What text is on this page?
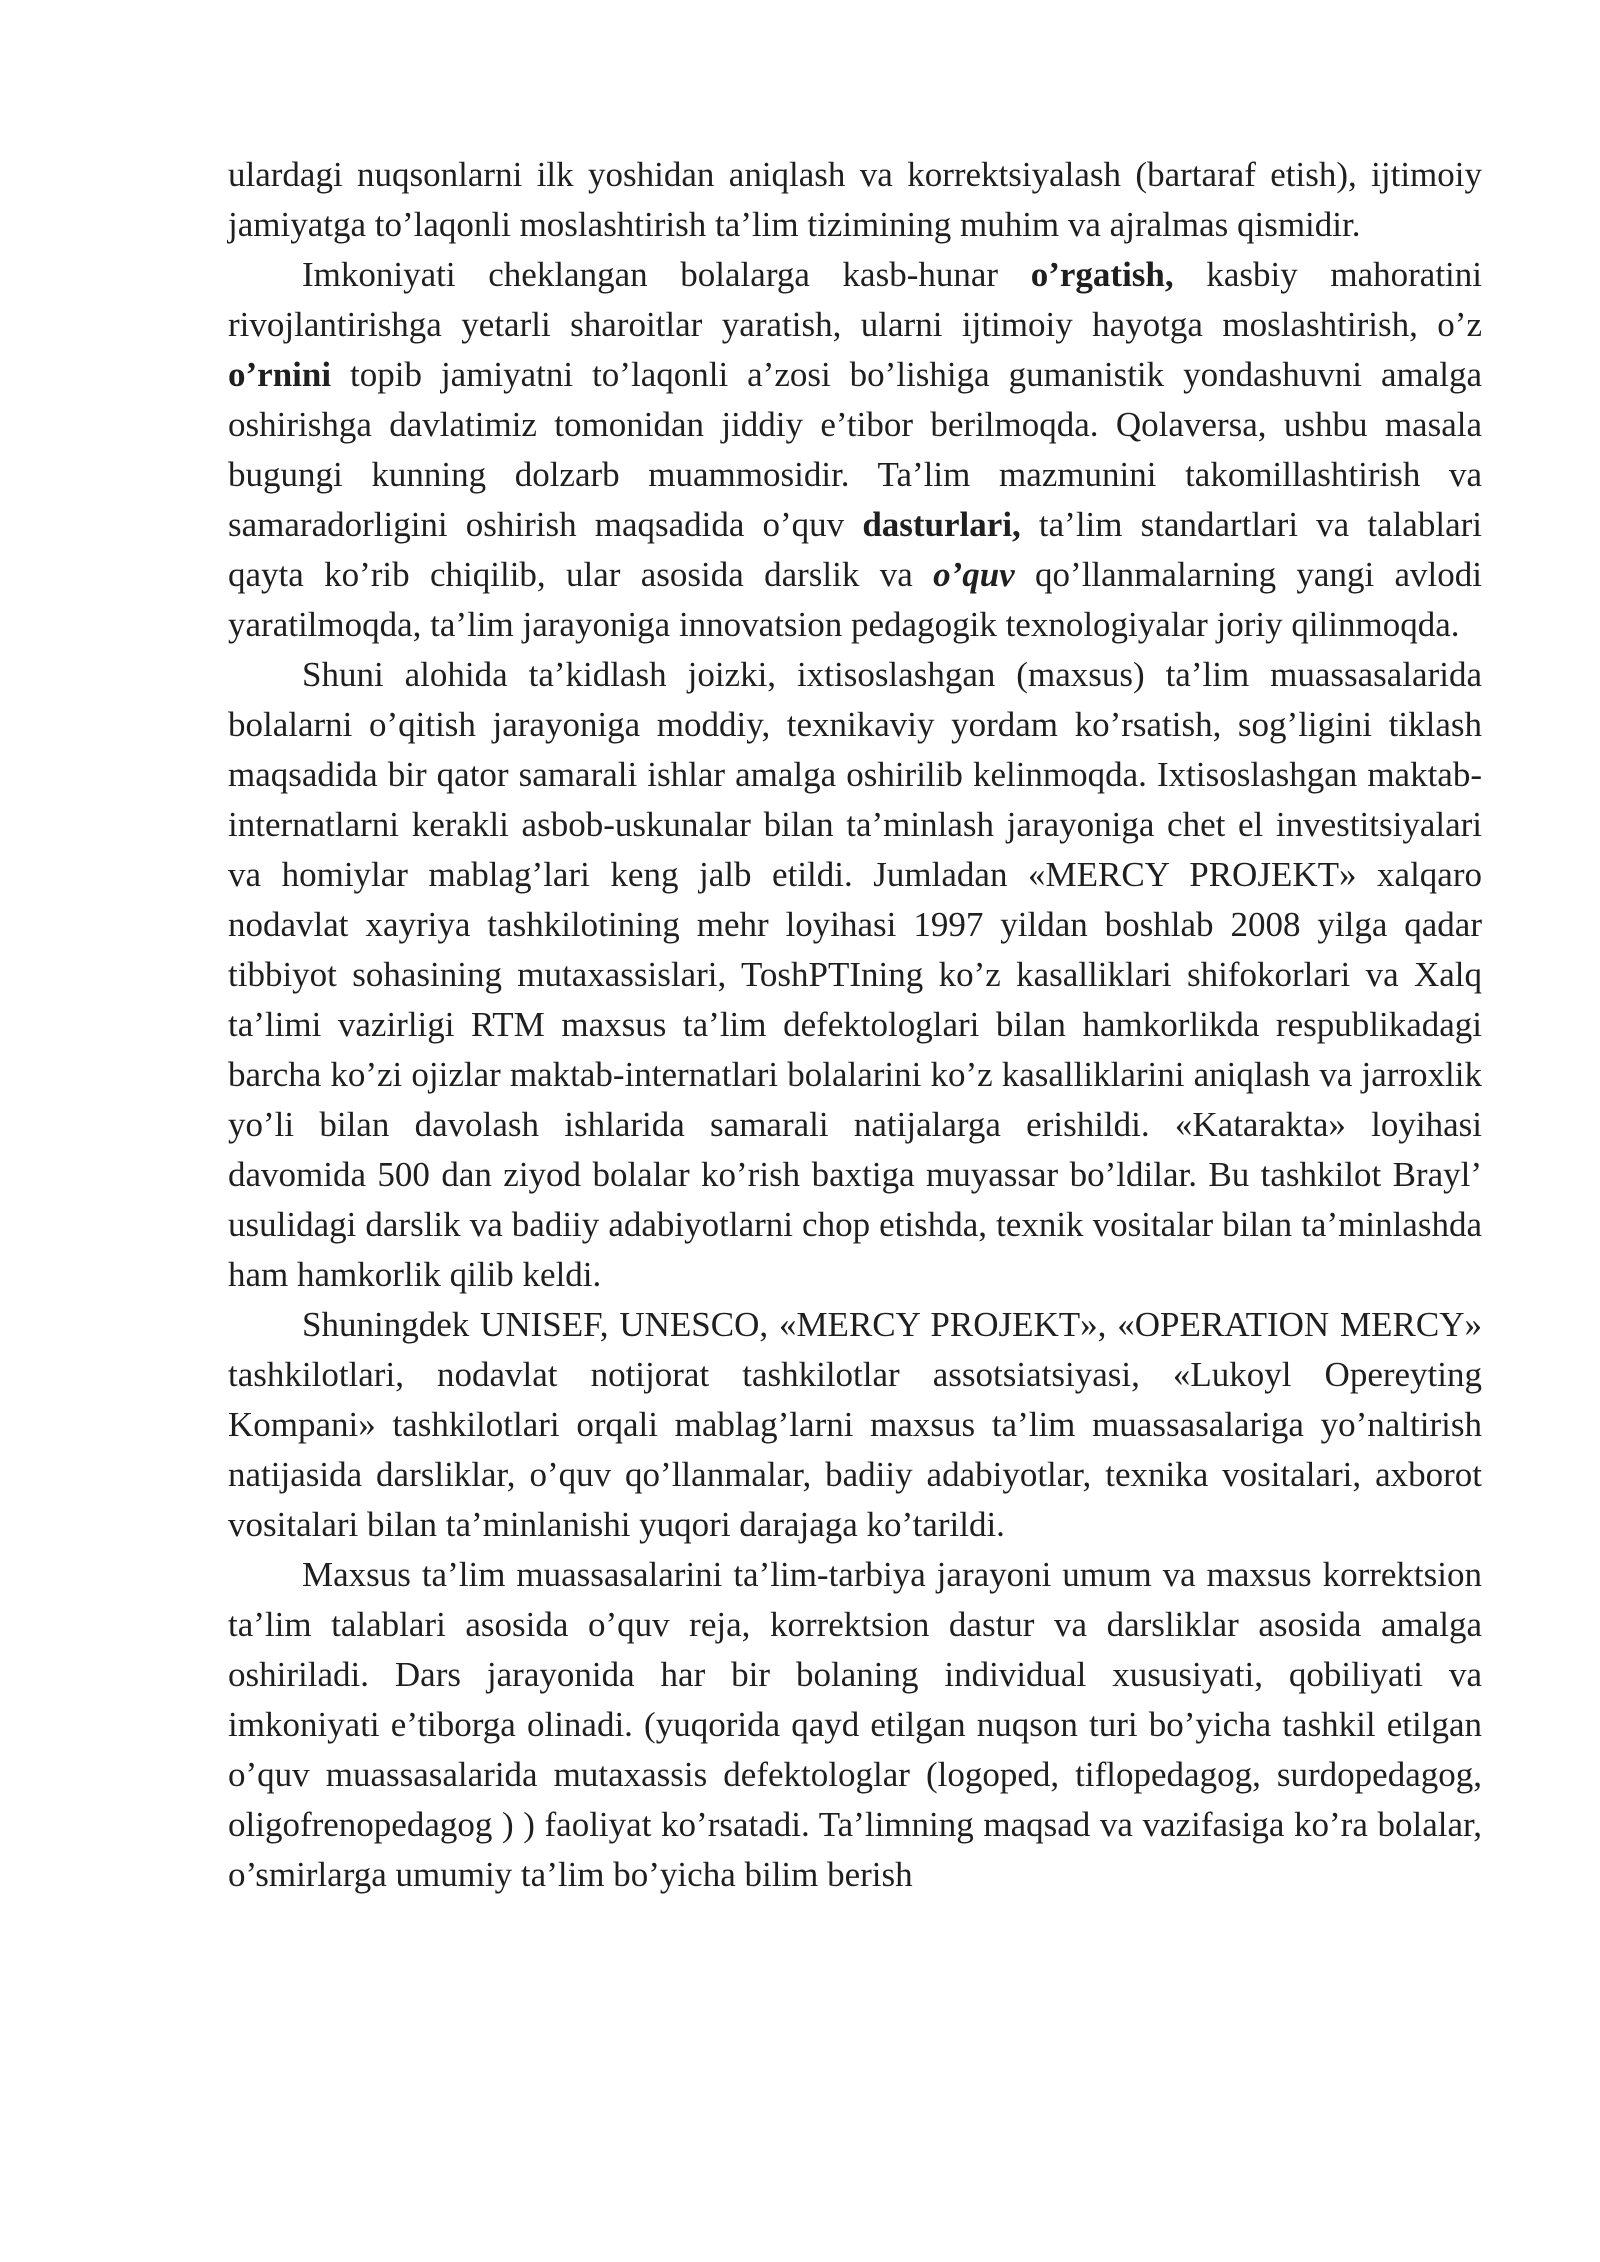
ulardagi nuqsonlarni ilk yoshidan aniqlash va korrektsiyalash (bartaraf etish), ijtimoiy jamiyatga to’laqonli moslashtirish ta’lim tizimining muhim va ajralmas qismidir.

Imkoniyati cheklangan bolalarga kasb-hunar o’rgatish, kasbiy mahoratini rivojlantirishga yetarli sharoitlar yaratish, ularni ijtimoiy hayotga moslashtirish, o’z o’rnini topib jamiyatni to’laqonli a’zosi bo’lishiga gumanistik yondashuvni amalga oshirishga davlatimiz tomonidan jiddiy e’tibor berilmoqda. Qolaversa, ushbu masala bugungi kunning dolzarb muammosidir. Ta’lim mazmunini takomillashtirish va samaradorligini oshirish maqsadida o’quv dasturlari, ta’lim standartlari va talablari qayta ko’rib chiqilib, ular asosida darslik va o’quv qo’llanmalarning yangi avlodi yaratilmoqda, ta’lim jarayoniga innovatsion pedagogik texnologiyalar joriy qilinmoqda.

Shuni alohida ta’kidlash joizki, ixtisoslashgan (maxsus) ta’lim muassasalarida bolalarni o’qitish jarayoniga moddiy, texnikaviy yordam ko’rsatish, sog’ligini tiklash maqsadida bir qator samarali ishlar amalga oshirilib kelinmoqda. Ixtisoslashgan maktab-internatlarni kerakli asbob-uskunalar bilan ta’minlash jarayoniga chet el investitsiyalari va homiylar mablag’lari keng jalb etildi. Jumladan «MERCY PROJEKT» xalqaro nodavlat xayriya tashkilotining mehr loyihasi 1997 yildan boshlab 2008 yilga qadar tibbiyot sohasining mutaxassislari, ToshPTIning ko’z kasalliklari shifokorlari va Xalq ta’limi vazirligi RTM maxsus ta’lim defektologlari bilan hamkorlikda respublikadagi barcha ko’zi ojizlar maktab-internatlari bolalarini ko’z kasalliklarini aniqlash va jarroxlik yo’li bilan davolash ishlarida samarali natijalarga erishildi. «Katarakta» loyihasi davomida 500 dan ziyod bolalar ko’rish baxtiga muyassar bo’ldilar. Bu tashkilot Brayl’ usulidagi darslik va badiiy adabiyotlarni chop etishda, texnik vositalar bilan ta’minlashda ham hamkorlik qilib keldi.

Shuningdek UNISEF, UNESCO, «MERCY PROJEKT», «OPERATION MERCY» tashkilotlari, nodavlat notijorat tashkilotlar assotsiatsiyasi, «Lukoyl Opereyting Kompani» tashkilotlari orqali mablag’larni maxsus ta’lim muassasalariga yo’naltirish natijasida darsliklar, o’quv qo’llanmalar, badiiy adabiyotlar, texnika vositalari, axborot vositalari bilan ta’minlanishi yuqori darajaga ko’tarildi.

Maxsus ta’lim muassasalarini ta’lim-tarbiya jarayoni umum va maxsus korrektsion ta’lim talablari asosida o’quv reja, korrektsion dastur va darsliklar asosida amalga oshiriladi. Dars jarayonida har bir bolaning individual xususiyati, qobiliyati va imkoniyati e’tiborga olinadi. (yuqorida qayd etilgan nuqson turi bo’yicha tashkil etilgan o’quv muassasalarida mutaxassis defektologlar (logoped, tiflopedagog, surdopedagog, oligofrenopedagog ) ) faoliyat ko’rsatadi. Ta’limning maqsad va vazifasiga ko’ra bolalar, o’smirlarga umumiy ta’lim bo’yicha bilim berish
